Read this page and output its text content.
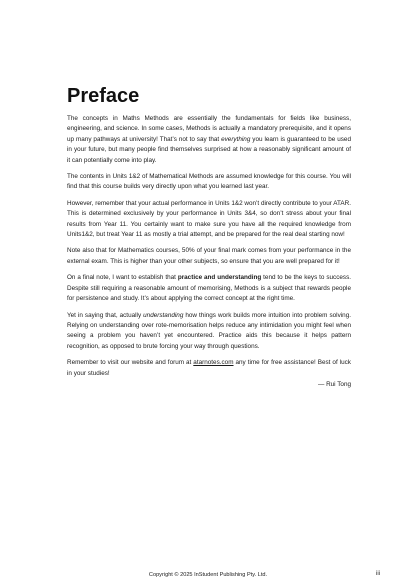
Preface

The concepts in Maths Methods are essentially the fundamentals for fields like business, engineering, and science. In some cases, Methods is actually a mandatory prerequisite, and it opens up many pathways at university! That’s not to say that everything you learn is guaranteed to be used in your future, but many people find themselves surprised at how a reasonably significant amount of it can potentially come into play.

The contents in Units 1&2 of Mathematical Methods are assumed knowledge for this course. You will find that this course builds very directly upon what you learned last year.

However, remember that your actual performance in Units 1&2 won’t directly contribute to your ATAR. This is determined exclusively by your performance in Units 3&4, so don’t stress about your final results from Year 11. You certainly want to make sure you have all the required knowledge from Units1&2, but treat Year 11 as mostly a trial attempt, and be prepared for the real deal starting now!

Note also that for Mathematics courses, 50% of your final mark comes from your performance in the external exam. This is higher than your other subjects, so ensure that you are well prepared for it!

On a final note, I want to establish that practice and understanding tend to be the keys to success. Despite still requiring a reasonable amount of memorising, Methods is a subject that rewards people for persistence and study. It’s about applying the correct concept at the right time.

Yet in saying that, actually understanding how things work builds more intuition into problem solving. Relying on understanding over rote-memorisation helps reduce any intimidation you might feel when seeing a problem you haven’t yet encountered. Practice aids this because it helps pattern recognition, as opposed to brute forcing your way through questions.

Remember to visit our website and forum at atarnotes.com any time for free assistance! Best of luck in your studies!

— Rui Tong

Copyright © 2025 InStudent Publishing Pty. Ltd.	iii
